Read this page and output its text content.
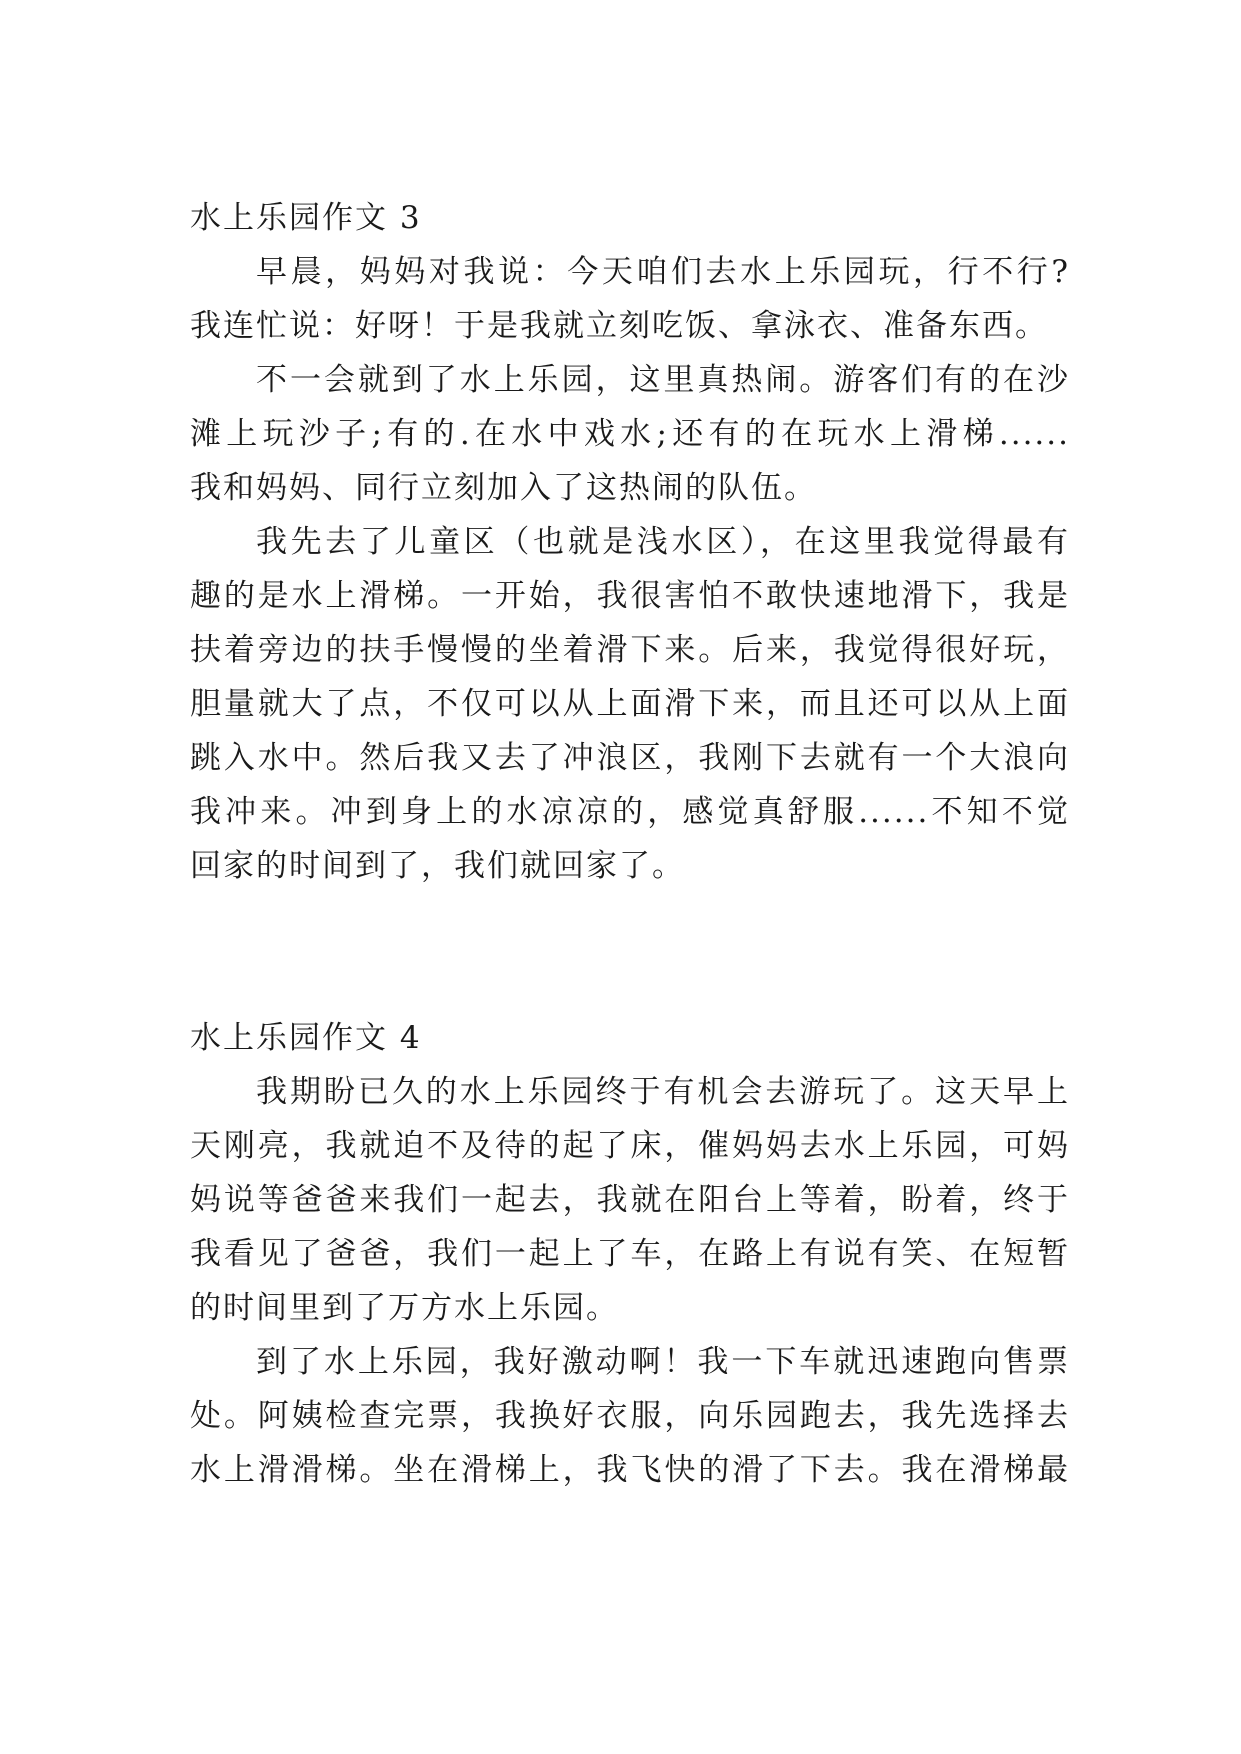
水上乐园作文 3

早晨，妈妈对我说：今天咱们去水上乐园玩，行不行?

我连忙说：好呀！于是我就立刻吃饭、拿泳衣、准备东西。

不一会就到了水上乐园，这里真热闹。游客们有的在沙

滩上玩沙子;有的.在水中戏水;还有的在玩水上滑梯......

我和妈妈、同行立刻加入了这热闹的队伍。

我先去了儿童区（也就是浅水区），在这里我觉得最有

趣的是水上滑梯。一开始，我很害怕不敢快速地滑下，我是

扶着旁边的扶手慢慢的坐着滑下来。后来，我觉得很好玩，

胆量就大了点，不仅可以从上面滑下来，而且还可以从上面

跳入水中。然后我又去了冲浪区，我刚下去就有一个大浪向

我冲来。冲到身上的水凉凉的，感觉真舒服......不知不觉

回家的时间到了，我们就回家了。

水上乐园作文 4

我期盼已久的水上乐园终于有机会去游玩了。这天早上

天刚亮，我就迫不及待的起了床，催妈妈去水上乐园，可妈

妈说等爸爸来我们一起去，我就在阳台上等着，盼着，终于

我看见了爸爸，我们一起上了车，在路上有说有笑、在短暂

的时间里到了万方水上乐园。

到了水上乐园，我好激动啊！我一下车就迅速跑向售票

处。阿姨检查完票，我换好衣服，向乐园跑去，我先选择去

水上滑滑梯。坐在滑梯上，我飞快的滑了下去。我在滑梯最
